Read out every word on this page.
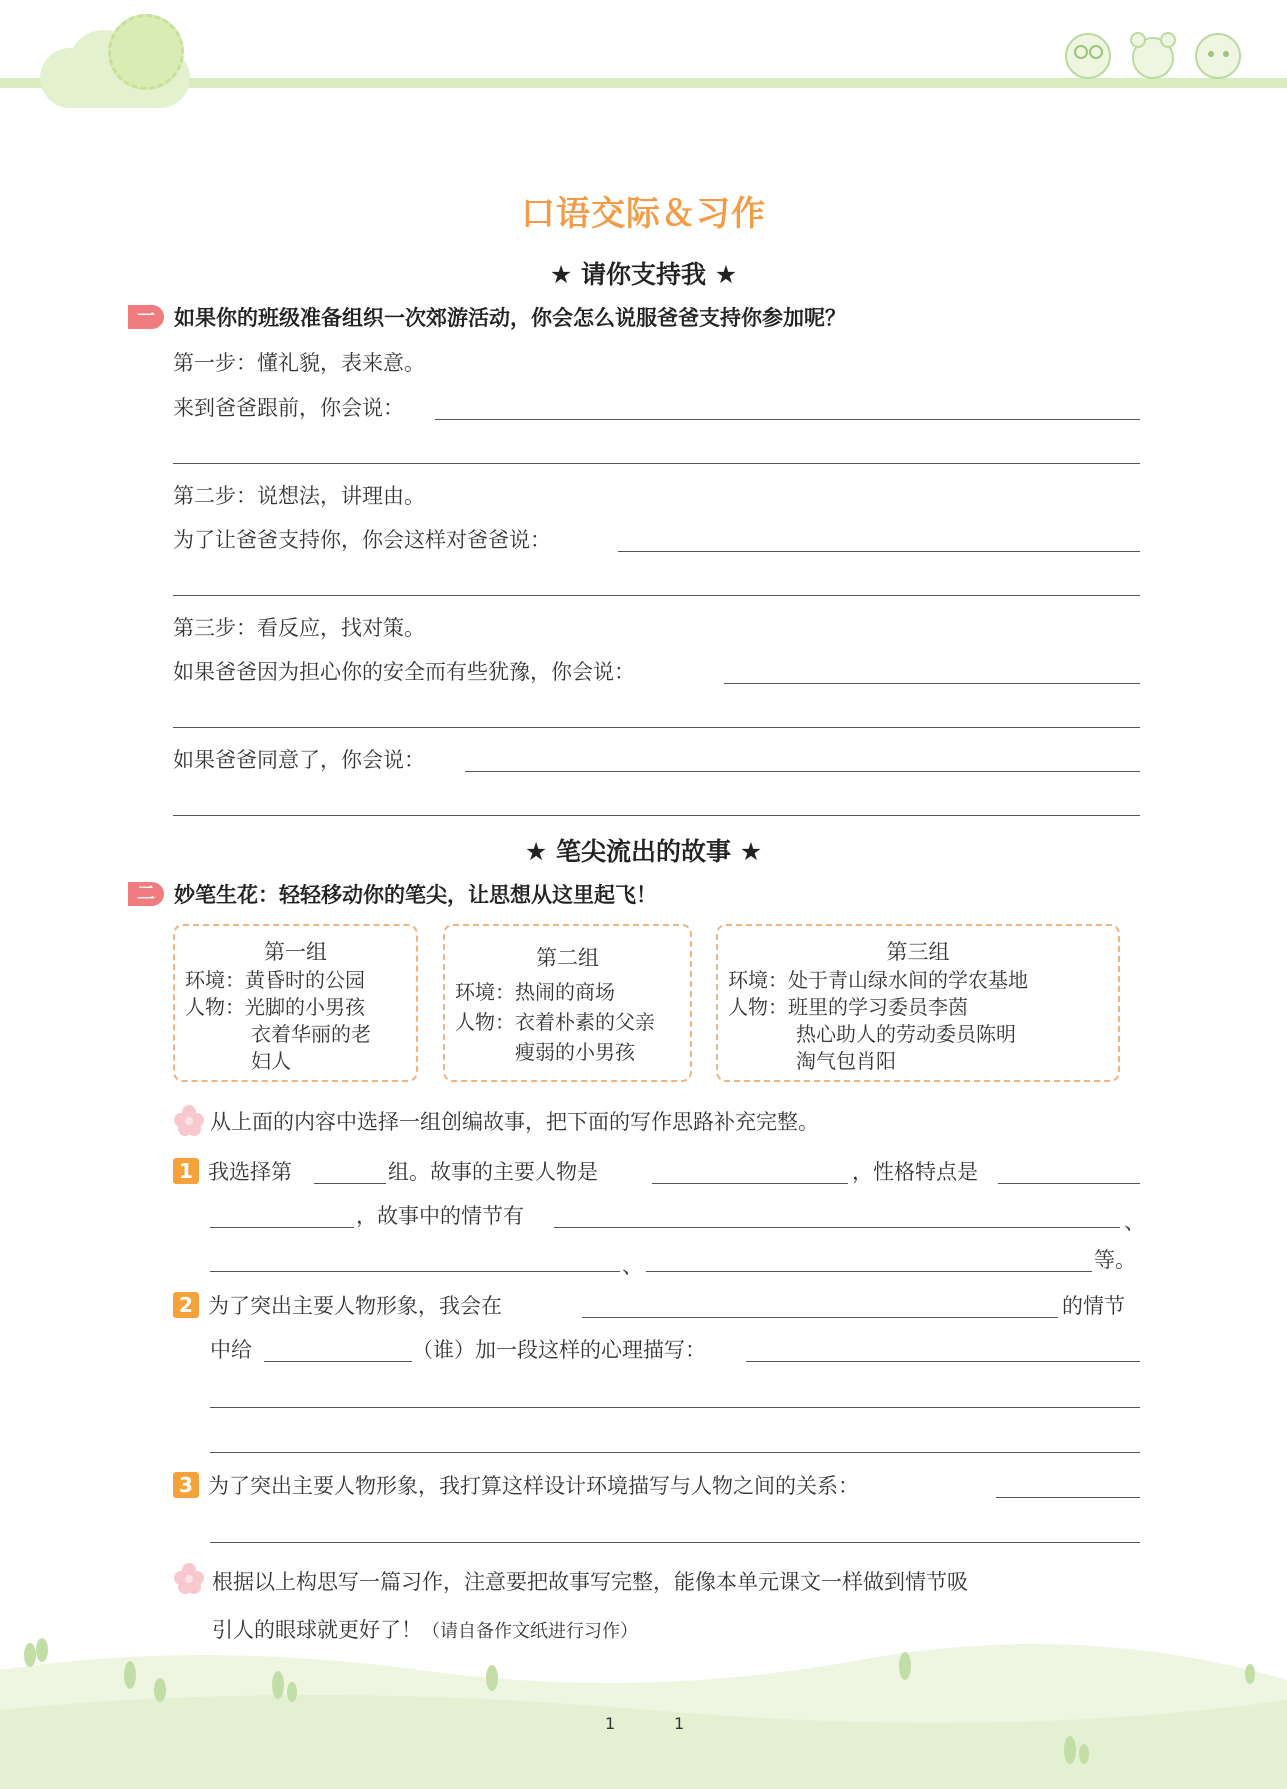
口语交际＆习作
★ 请你支持我 ★
一 如果你的班级准备组织一次郊游活动，你会怎么说服爸爸支持你参加呢？
第一步：懂礼貌，表来意。
来到爸爸跟前，你会说：
第二步：说想法，讲理由。
为了让爸爸支持你，你会这样对爸爸说：
第三步：看反应，找对策。
如果爸爸因为担心你的安全而有些犹豫，你会说：
如果爸爸同意了，你会说：
★ 笔尖流出的故事 ★
二 妙笔生花：轻轻移动你的笔尖，让思想从这里起飞！
第一组
环境：黄昏时的公园
人物：光脚的小男孩
衣着华丽的老
妇人
第二组
环境：热闹的商场
人物：衣着朴素的父亲
瘦弱的小男孩
第三组
环境：处于青山绿水间的学农基地
人物：班里的学习委员李茵
热心助人的劳动委员陈明
淘气包肖阳
从上面的内容中选择一组创编故事，把下面的写作思路补充完整。
1 我选择第	组。故事的主要人物是	，性格特点是
，故事中的情节有	、
、	等。
2 为了突出主要人物形象，我会在	的情节
中给	（谁）加一段这样的心理描写：
3 为了突出主要人物形象，我打算这样设计环境描写与人物之间的关系：
根据以上构思写一篇习作，注意要把故事写完整，能像本单元课文一样做到情节吸
引人的眼球就更好了！（请自备作文纸进行习作）
1	1
